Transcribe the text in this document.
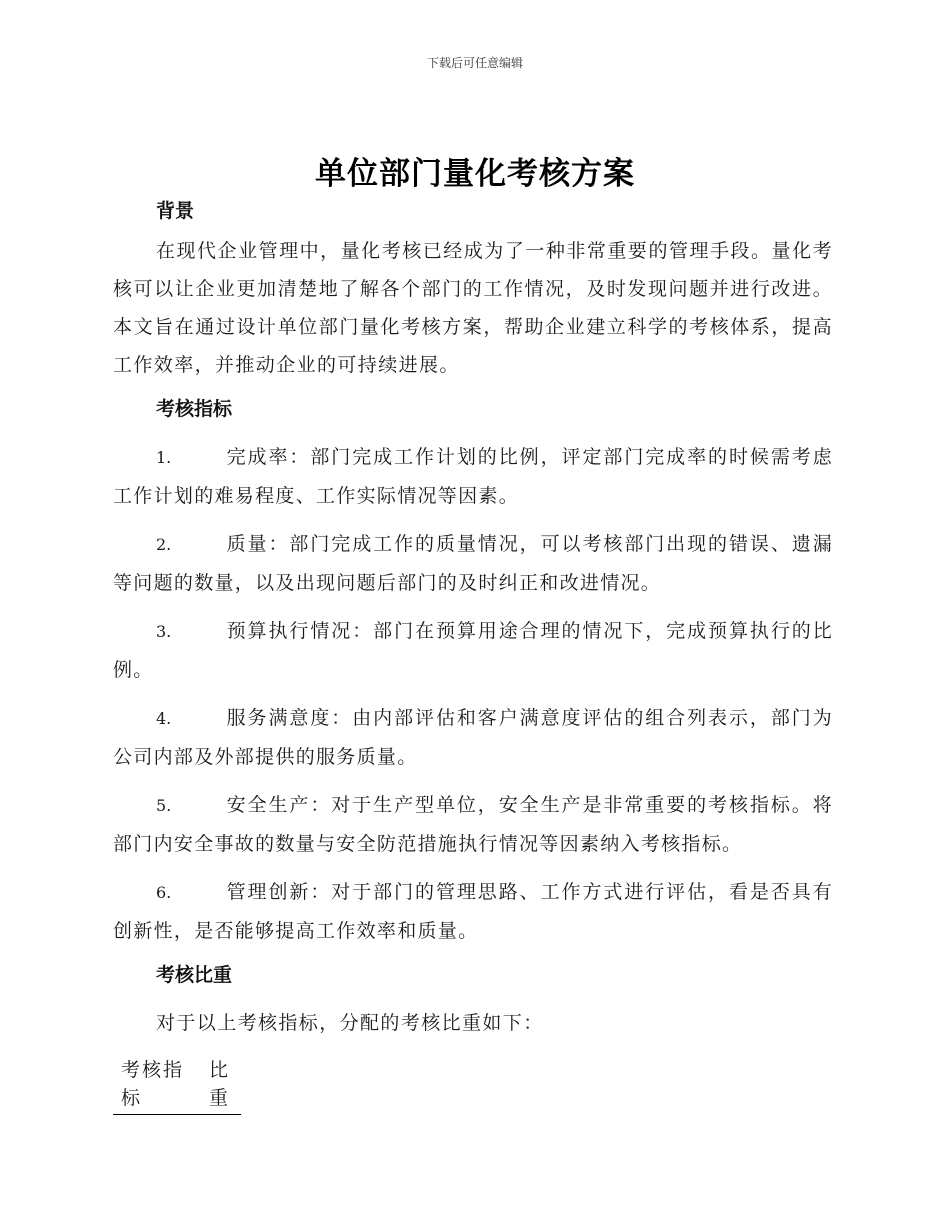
下载后可任意编辑
单位部门量化考核方案
背景

在现代企业管理中，量化考核已经成为了一种非常重要的管理手段。量化考核可以让企业更加清楚地了解各个部门的工作情况，及时发现问题并进行改进。本文旨在通过设计单位部门量化考核方案，帮助企业建立科学的考核体系，提高工作效率，并推动企业的可持续进展。

考核指标

1.	完成率：部门完成工作计划的比例，评定部门完成率的时候需考虑工作计划的难易程度、工作实际情况等因素。

2.	质量：部门完成工作的质量情况，可以考核部门出现的错误、遗漏等问题的数量，以及出现问题后部门的及时纠正和改进情况。

3.	预算执行情况：部门在预算用途合理的情况下，完成预算执行的比例。

4.	服务满意度：由内部评估和客户满意度评估的组合列表示，部门为公司内部及外部提供的服务质量。

5.	安全生产：对于生产型单位，安全生产是非常重要的考核指标。将部门内安全事故的数量与安全防范措施执行情况等因素纳入考核指标。

6.	管理创新：对于部门的管理思路、工作方式进行评估，看是否具有创新性，是否能够提高工作效率和质量。

考核比重

对于以上考核指标，分配的考核比重如下：

考核指标	比重
